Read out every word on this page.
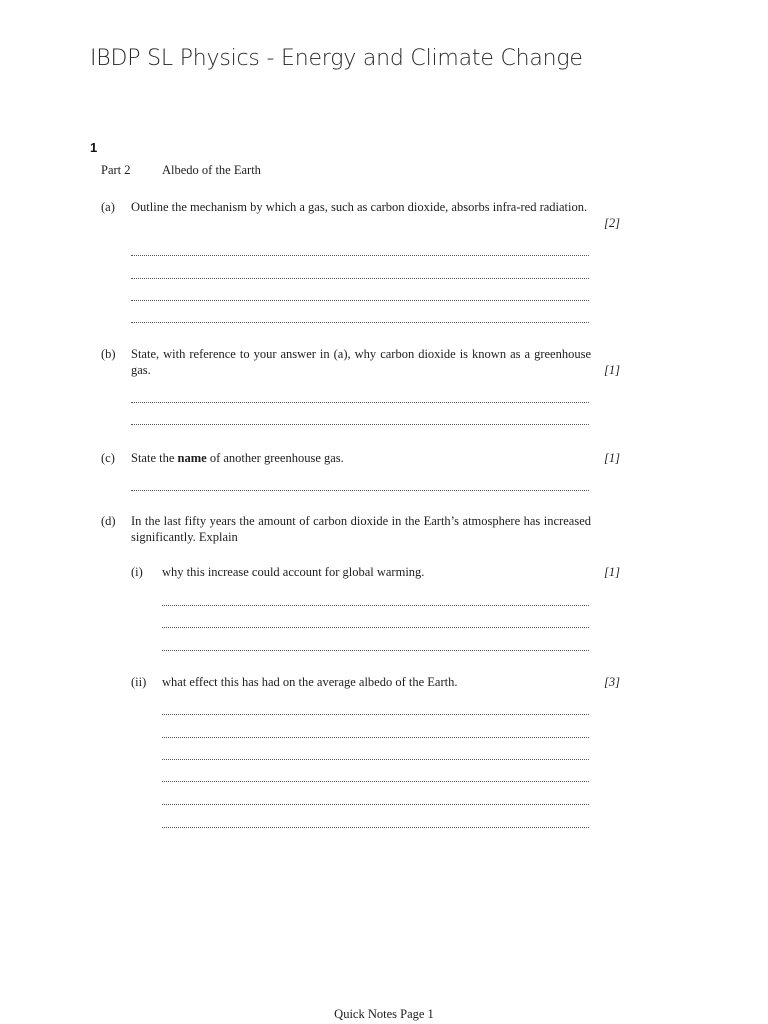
IBDP SL Physics - Energy and Climate Change
1
Part 2	Albedo of the Earth
(a) Outline the mechanism by which a gas, such as carbon dioxide, absorbs infra-red radiation.
[2]
(b) State, with reference to your answer in (a), why carbon dioxide is known as a greenhouse gas.	[1]
(c) State the name of another greenhouse gas.	[1]
(d) In the last fifty years the amount of carbon dioxide in the Earth’s atmosphere has increased significantly. Explain
(i) why this increase could account for global warming.	[1]
(ii) what effect this has had on the average albedo of the Earth.	[3]
Quick Notes Page 1
